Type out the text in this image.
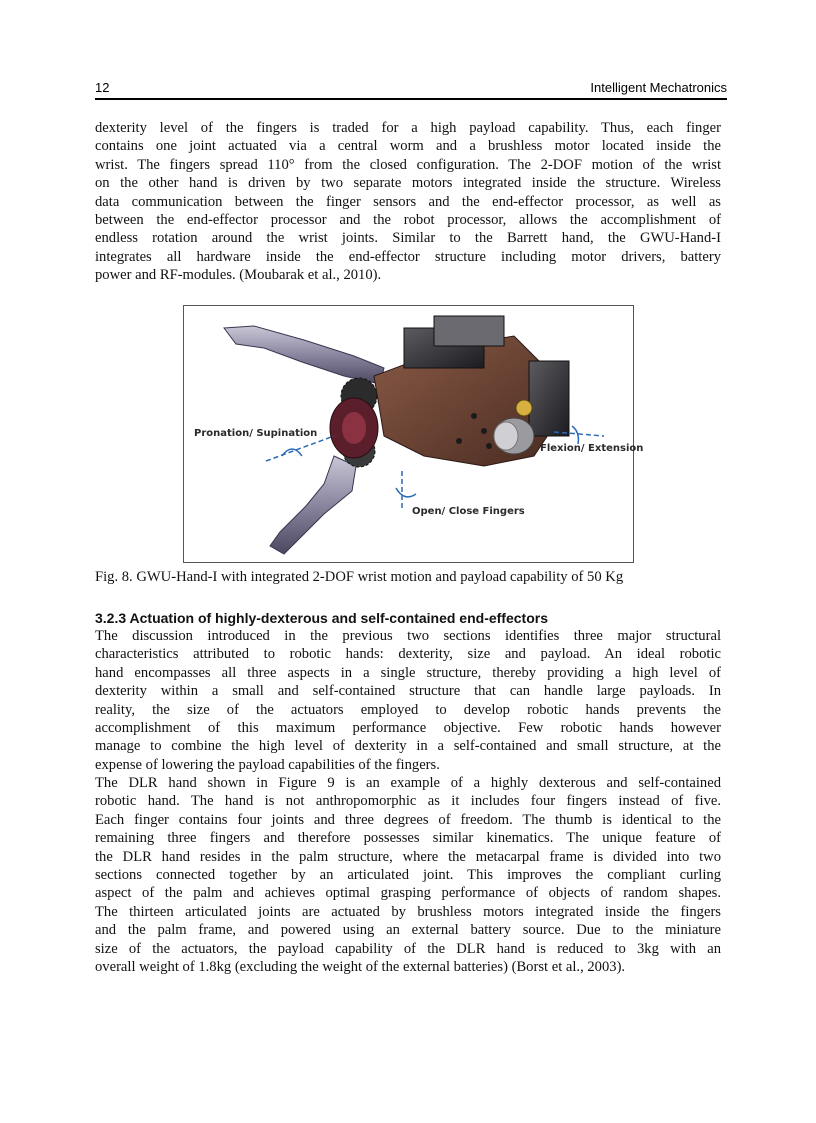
12	Intelligent Mechatronics
dexterity level of the fingers is traded for a high payload capability. Thus, each finger
contains one joint actuated via a central worm and a brushless motor located inside the
wrist. The fingers spread 110° from the closed configuration. The 2-DOF motion of the wrist
on the other hand is driven by two separate motors integrated inside the structure. Wireless
data communication between the finger sensors and the end-effector processor, as well as
between the end-effector processor and the robot processor, allows the accomplishment of
endless rotation around the wrist joints. Similar to the Barrett hand, the GWU-Hand-I
integrates all hardware inside the end-effector structure including motor drivers, battery
power and RF-modules. (Moubarak et al., 2010).
Pronation/ Supination
Flexion/ Extension
Open/ Close Fingers
Fig. 8. GWU-Hand-I with integrated 2-DOF wrist motion and payload capability of 50 Kg
3.2.3 Actuation of highly-dexterous and self-contained end-effectors
The discussion introduced in the previous two sections identifies three major structural
characteristics attributed to robotic hands: dexterity, size and payload. An ideal robotic
hand encompasses all three aspects in a single structure, thereby providing a high level of
dexterity within a small and self-contained structure that can handle large payloads. In
reality, the size of the actuators employed to develop robotic hands prevents the
accomplishment of this maximum performance objective. Few robotic hands however
manage to combine the high level of dexterity in a self-contained and small structure, at the
expense of lowering the payload capabilities of the fingers.
The DLR hand shown in Figure 9 is an example of a highly dexterous and self-contained
robotic hand. The hand is not anthropomorphic as it includes four fingers instead of five.
Each finger contains four joints and three degrees of freedom. The thumb is identical to the
remaining three fingers and therefore possesses similar kinematics. The unique feature of
the DLR hand resides in the palm structure, where the metacarpal frame is divided into two
sections connected together by an articulated joint. This improves the compliant curling
aspect of the palm and achieves optimal grasping performance of objects of random shapes.
The thirteen articulated joints are actuated by brushless motors integrated inside the fingers
and the palm frame, and powered using an external battery source. Due to the miniature
size of the actuators, the payload capability of the DLR hand is reduced to 3kg with an
overall weight of 1.8kg (excluding the weight of the external batteries) (Borst et al., 2003).
